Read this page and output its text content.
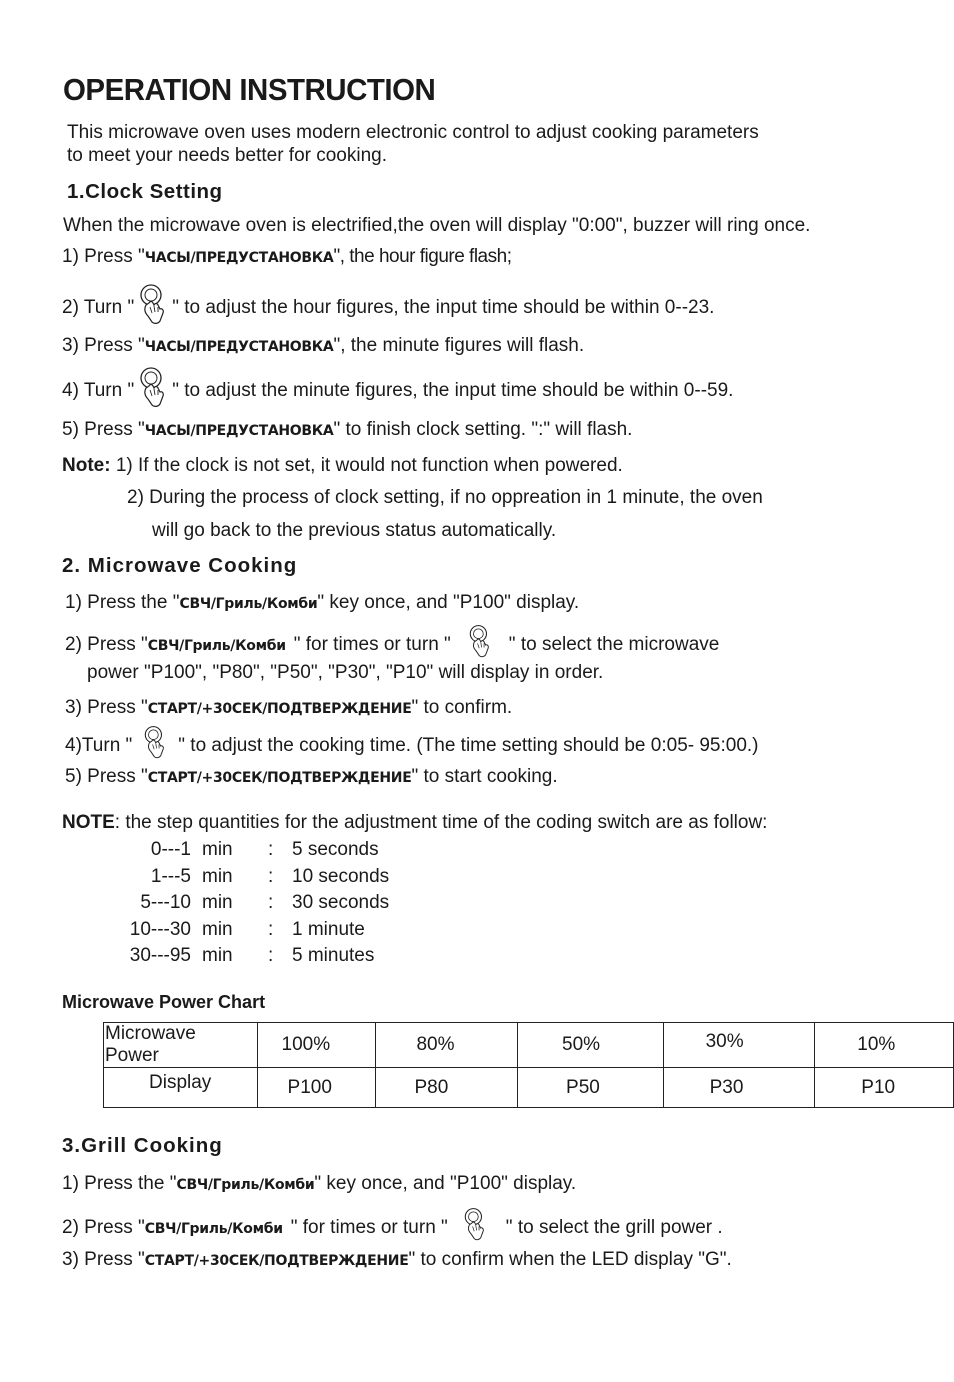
OPERATION INSTRUCTION
This microwave oven uses modern electronic control to adjust cooking parameters
to meet your needs better for cooking.
1.Clock Setting
When the microwave oven is electrified,the oven will display "0:00", buzzer will ring once.
1) Press "ЧАСЫ/ПРЕДУСТАНОВКА", the hour figure flash;
2) Turn " " to adjust the hour figures, the input time should be within 0--23.
3) Press "ЧАСЫ/ПРЕДУСТАНОВКА", the minute figures will flash.
4) Turn " " to adjust the minute figures, the input time should be within 0--59.
5) Press "ЧАСЫ/ПРЕДУСТАНОВКА" to finish clock setting. ":" will flash.
Note: 1) If the clock is not set, it would not function when powered.
2) During the process of clock setting, if no oppreation in 1 minute, the oven
will go back to the previous status automatically.
2. Microwave Cooking
1) Press the "СВЧ/Гриль/Комби" key once, and "P100" display.
2) Press "СВЧ/Гриль/Комби " for times or turn "	" to select the microwave
power "P100", "P80", "P50", "P30", "P10" will display in order.
3) Press "СТАРТ/+30СЕК/ПОДТВЕРЖДЕНИЕ" to confirm.
4)Turn " " to adjust the cooking time. (The time setting should be 0:05- 95:00.)
5) Press "СТАРТ/+30СЕК/ПОДТВЕРЖДЕНИЕ" to start cooking.
NOTE: the step quantities for the adjustment time of the coding switch are as follow:
0---1 min : 5 seconds
1---5 min : 10 seconds
5---10 min : 30 seconds
10---30 min : 1 minute
30---95 min : 5 minutes
Microwave Power Chart
Microwave Power	100%	80%	50%	30%	10%
Display	P100	P80	P50	P30	P10
3.Grill Cooking
1) Press the "СВЧ/Гриль/Комби" key once, and "P100" display.
2) Press "СВЧ/Гриль/Комби " for times or turn "	" to select the grill power .
3) Press "СТАРТ/+30СЕК/ПОДТВЕРЖДЕНИЕ" to confirm when the LED display "G".
